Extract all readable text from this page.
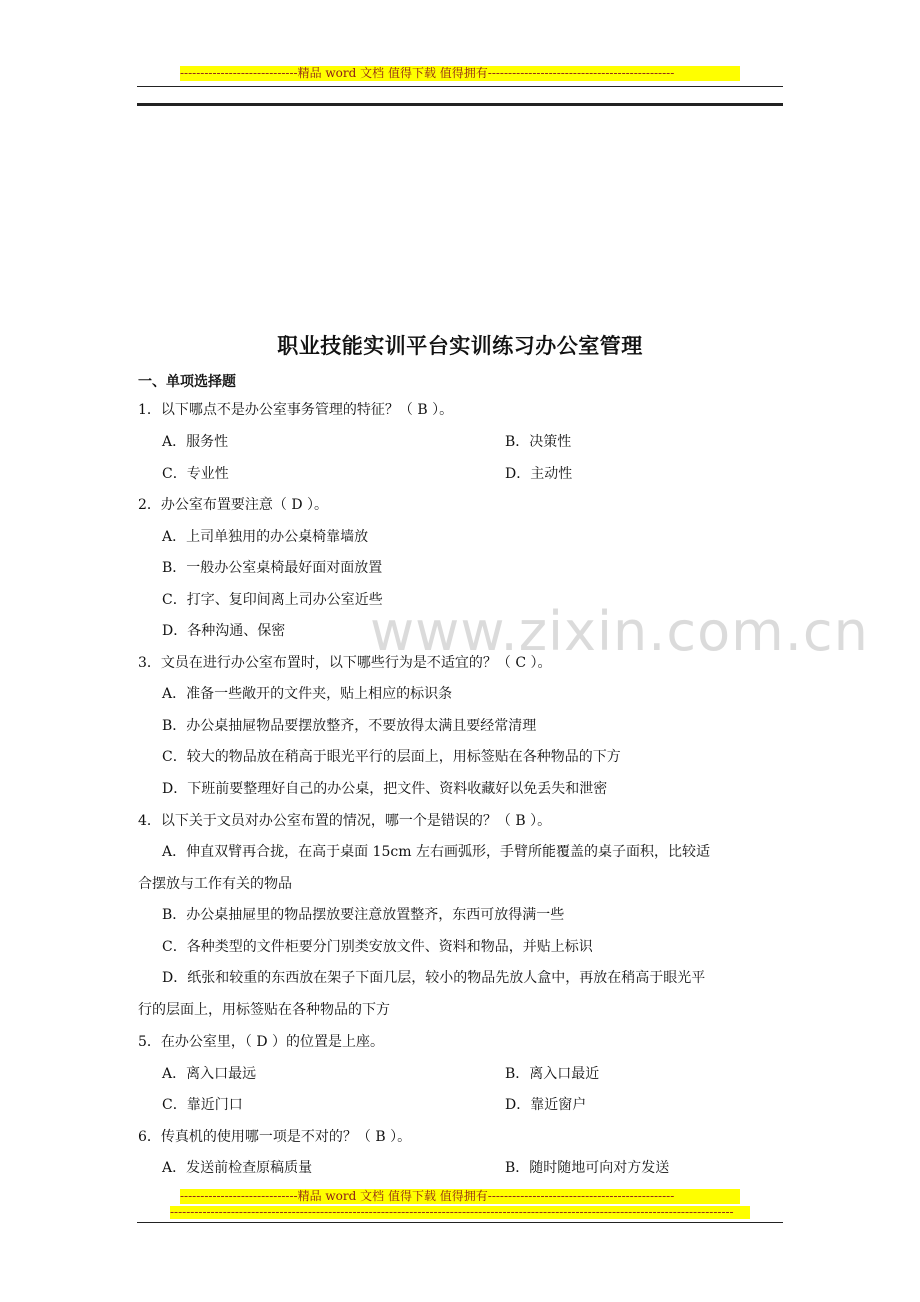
-----------------------------精品 word 文档 值得下载 值得拥有----------------------------------------------
职业技能实训平台实训练习办公室管理
一、单项选择题
1．以下哪点不是办公室事务管理的特征？（ B ）。
A．服务性	B．决策性
C．专业性	D．主动性
2．办公室布置要注意（ D ）。
A．上司单独用的办公桌椅靠墙放
B．一般办公室桌椅最好面对面放置
C．打字、复印间离上司办公室近些
D．各种沟通、保密
3．文员在进行办公室布置时，以下哪些行为是不适宜的？（ C ）。
A．准备一些敞开的文件夹，贴上相应的标识条
B．办公桌抽屉物品要摆放整齐，不要放得太满且要经常清理
C．较大的物品放在稍高于眼光平行的层面上，用标签贴在各种物品的下方
D．下班前要整理好自己的办公桌，把文件、资料收藏好以免丢失和泄密
4．以下关于文员对办公室布置的情况，哪一个是错误的？（ B ）。
A．伸直双臂再合拢，在高于桌面 15cm 左右画弧形，手臂所能覆盖的桌子面积，比较适
合摆放与工作有关的物品
B．办公桌抽屉里的物品摆放要注意放置整齐，东西可放得满一些
C．各种类型的文件柜要分门别类安放文件、资料和物品，并贴上标识
D．纸张和较重的东西放在架子下面几层，较小的物品先放人盒中，再放在稍高于眼光平
行的层面上，用标签贴在各种物品的下方
5．在办公室里，（ D ）的位置是上座。
A．离入口最远	B．离入口最近
C．靠近门口	D．靠近窗户
6．传真机的使用哪一项是不对的？（ B ）。
A．发送前检查原稿质量	B．随时随地可向对方发送
www.zixin.com.cn
-----------------------------精品 word 文档 值得下载 值得拥有----------------------------------------------
-------------------------------------------------------------------------------------------------------------------------------------------
